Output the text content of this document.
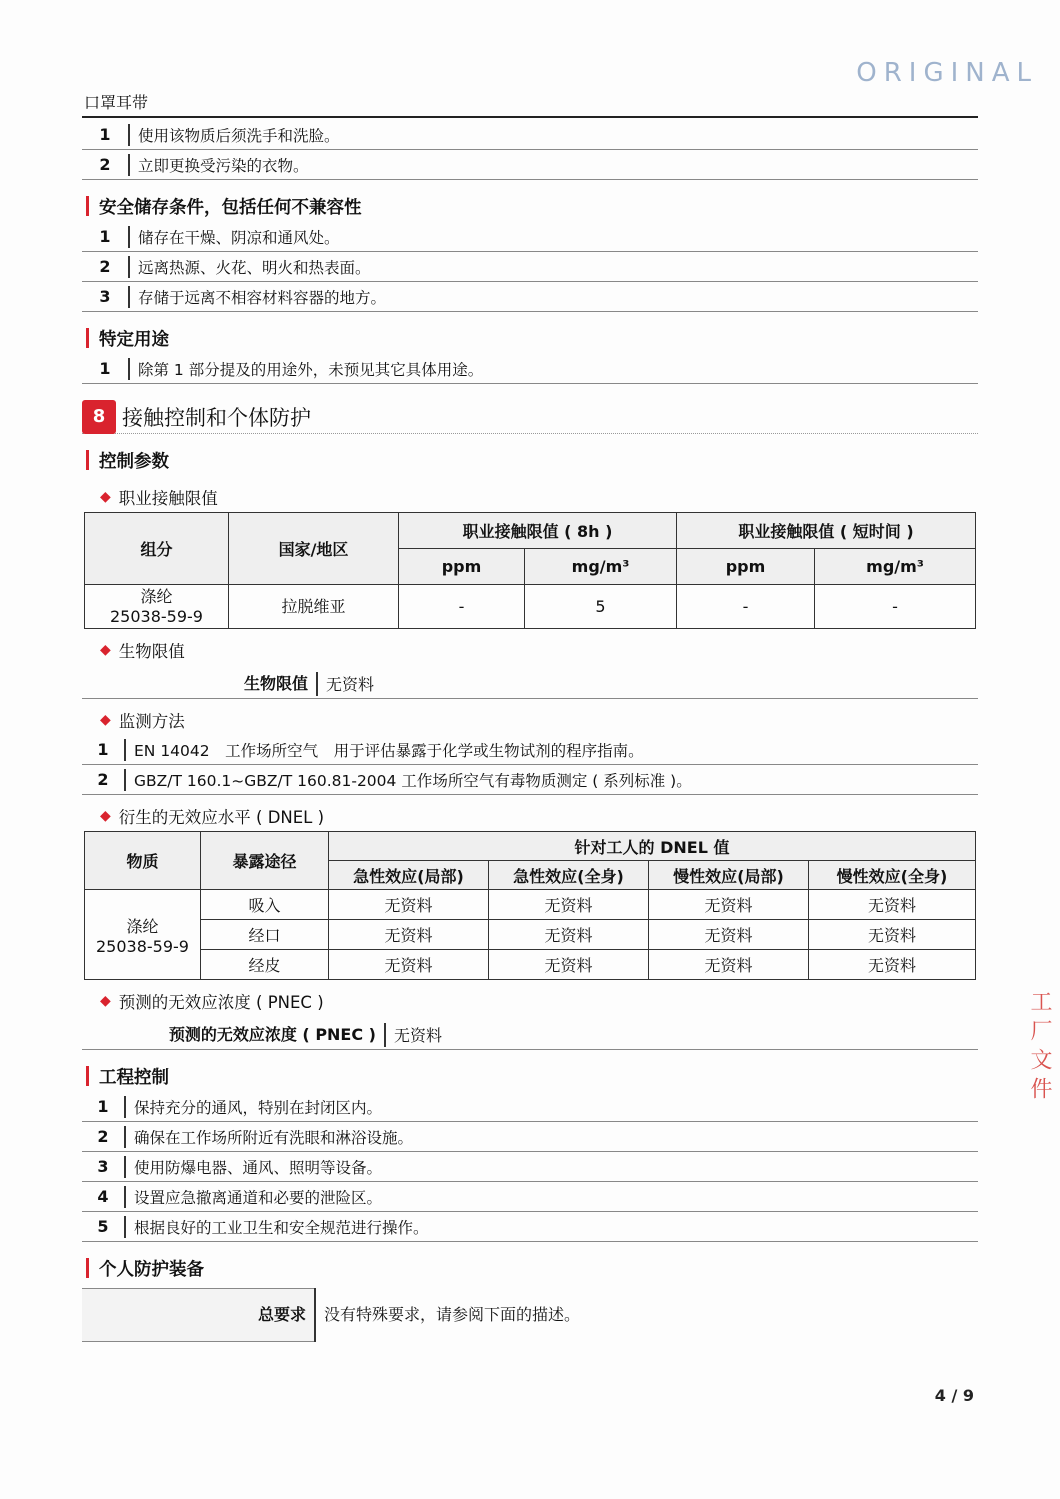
ORIGINAL
工 厂 文 件
口罩耳带
1	使用该物质后须洗手和洗脸。
2	立即更换受污染的衣物。
安全储存条件，包括任何不兼容性
1	储存在干燥、阴凉和通风处。
2	远离热源、火花、明火和热表面。
3	存储于远离不相容材料容器的地方。
特定用途
1	除第 1 部分提及的用途外，未预见其它具体用途。
8 接触控制和个体防护
控制参数
◆ 职业接触限值
组分	国家/地区	职业接触限值 ( 8h )		职业接触限值 ( 短时间 )	
		ppm	mg/m³	ppm	mg/m³
涤纶
25038-59-9	拉脱维亚	-	5	-	-
◆ 生物限值
生物限值	无资料
◆ 监测方法
1	EN 14042　工作场所空气　用于评估暴露于化学或生物试剂的程序指南。
2	GBZ/T 160.1~GBZ/T 160.81-2004 工作场所空气有毒物质测定 ( 系列标准 )。
◆ 衍生的无效应水平 ( DNEL )
物质	暴露途径	针对工人的 DNEL 值			
		急性效应(局部)	急性效应(全身)	慢性效应(局部)	慢性效应(全身)
涤纶
25038-59-9	吸入	无资料	无资料	无资料	无资料
	经口	无资料	无资料	无资料	无资料
	经皮	无资料	无资料	无资料	无资料
◆ 预测的无效应浓度 ( PNEC )
预测的无效应浓度 ( PNEC )	无资料
工程控制
1	保持充分的通风，特别在封闭区内。
2	确保在工作场所附近有洗眼和淋浴设施。
3	使用防爆电器、通风、照明等设备。
4	设置应急撤离通道和必要的泄险区。
5	根据良好的工业卫生和安全规范进行操作。
个人防护装备
总要求	没有特殊要求，请参阅下面的描述。
4 / 9
